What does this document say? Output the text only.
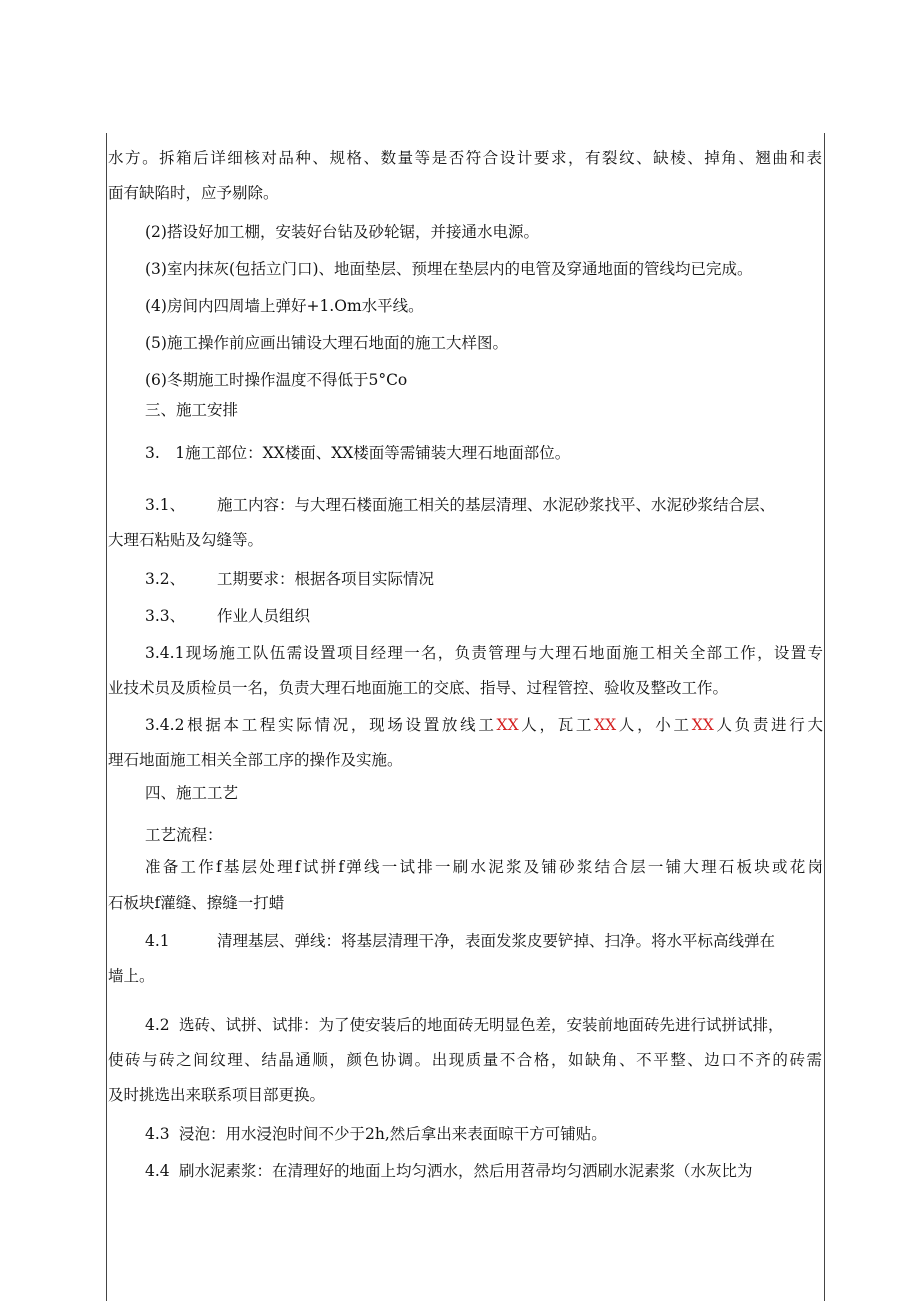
水方。拆箱后详细核对品种、规格、数量等是否符合设计要求，有裂纹、缺棱、掉角、翘曲和表
面有缺陷时，应予剔除。
(2)搭设好加工棚，安装好台钻及砂轮锯，并接通水电源。
(3)室内抹灰(包括立门口)、地面垫层、预埋在垫层内的电管及穿通地面的管线均已完成。
(4)房间内四周墙上弹好+1.Om水平线。
(5)施工操作前应画出铺设大理石地面的施工大样图。
(6)冬期施工时操作温度不得低于5°Co
三、施工安排
3.　1施工部位：XX楼面、XX楼面等需铺装大理石地面部位。
3.1、 施工内容：与大理石楼面施工相关的基层清理、水泥砂浆找平、水泥砂浆结合层、
大理石粘贴及勾缝等。
3.2、 工期要求：根据各项目实际情况
3.3、 作业人员组织
3.4.1现场施工队伍需设置项目经理一名，负责管理与大理石地面施工相关全部工作，设置专
业技术员及质检员一名，负责大理石地面施工的交底、指导、过程管控、验收及整改工作。
3.4.2根据本工程实际情况，现场设置放线工XX人，瓦工XX人，小工XX人负责进行大
理石地面施工相关全部工序的操作及实施。
四、施工工艺
工艺流程：
准备工作f基层处理f试拼f弹线一试排一刷水泥浆及铺砂浆结合层一铺大理石板块或花岗
石板块f灌缝、擦缝一打蜡
4.1	清理基层、弹线：将基层清理干净，表面发浆皮要铲掉、扫净。将水平标高线弹在
墙上。
4.2 选砖、试拼、试排：为了使安装后的地面砖无明显色差，安装前地面砖先进行试拼试排，
使砖与砖之间纹理、结晶通顺，颜色协调。出现质量不合格，如缺角、不平整、边口不齐的砖需
及时挑选出来联系项目部更换。
4.3 浸泡：用水浸泡时间不少于2h,然后拿出来表面晾干方可铺贴。
4.4 刷水泥素浆：在清理好的地面上均匀洒水，然后用苕帚均匀洒刷水泥素浆（水灰比为
